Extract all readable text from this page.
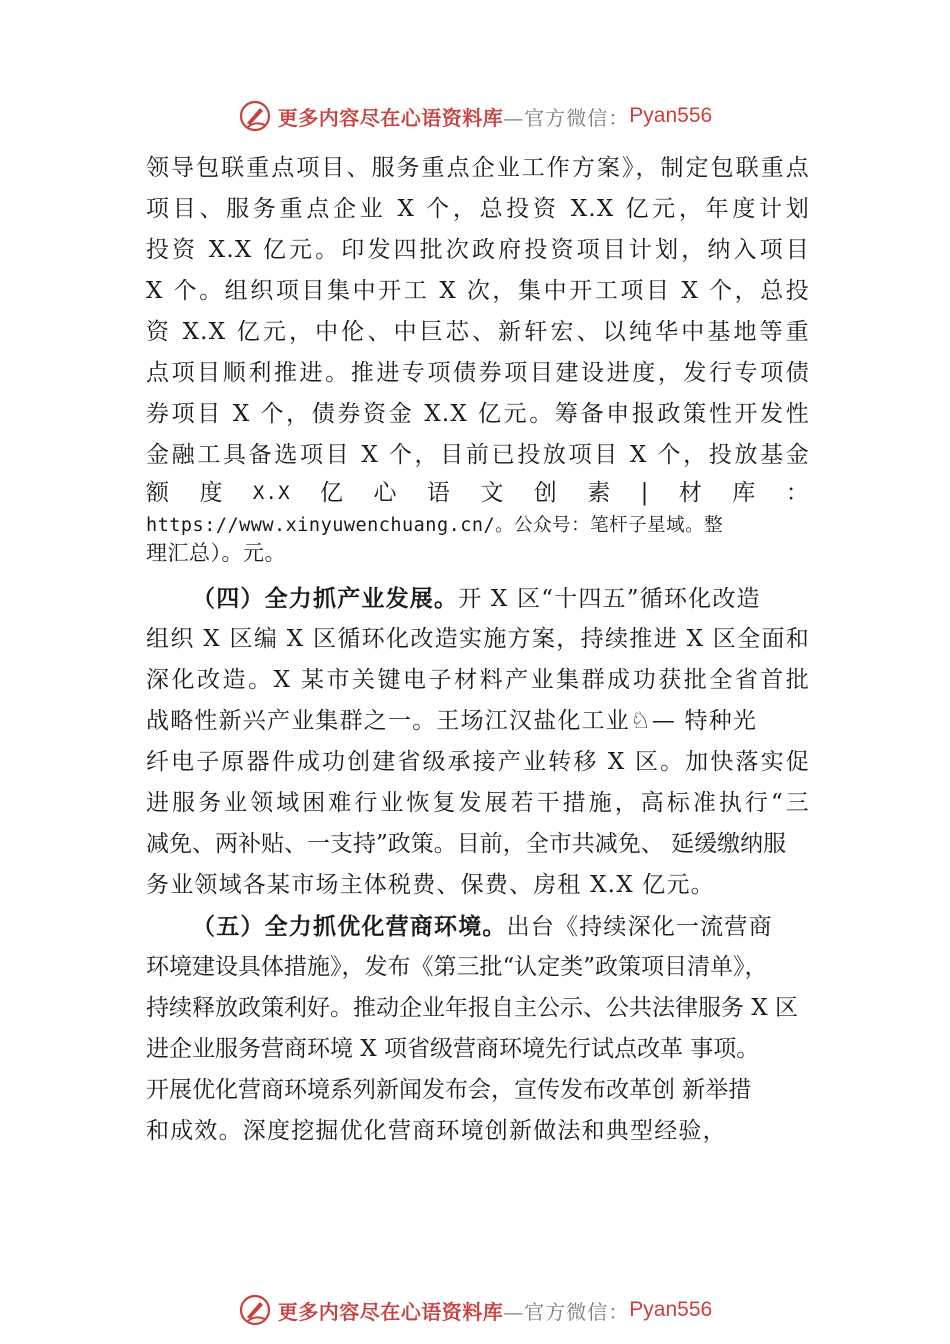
更多内容尽在心语资料库 —官方微信： Pyan556
领导包联重点项目、服务重点企业工作方案》，制定包联重点
项目、服务重点企业 X 个，总投资 X.X 亿元，年度计划
投资 X.X 亿元。印发四批次政府投资项目计划，纳入项目
X 个。组织项目集中开工 X 次，集中开工项目 X 个，总投
资 X.X 亿元，中伦、中巨芯、新轩宏、以纯华中基地等重
点项目顺利推进。推进专项债券项目建设进度，发行专项债
券项目 X 个，债券资金 X.X 亿元。筹备申报政策性开发性
金融工具备选项目 X 个，目前已投放项目 X 个，投放基金
额 度 X.X 亿 心 语 文 创 素 | 材 库 ：
https://www.xinyuwenchuang.cn/。公众号：笔杆子星域。整
理汇总）。元。
（四）全力抓产业发展。开 X 区“十四五”循环化改造
组织 X 区编 X 区循环化改造实施方案，持续推进 X 区全面和
深化改造。X 某市关键电子材料产业集群成功获批全省首批
战略性新兴产业集群之一。王场江汉盐化工业♘— 特种光
纤电子原器件成功创建省级承接产业转移 X 区。加快落实促
进服务业领域困难行业恢复发展若干措施，高标准执行“三
减免、两补贴、一支持”政策。目前，全市共减免、 延缓缴纳服
务业领域各某市场主体税费、保费、房租 X.X 亿元。
（五）全力抓优化营商环境。出台《持续深化一流营商
环境建设具体措施》，发布《第三批“认定类”政策项目清单》，
持续释放政策利好。推动企业年报自主公示、公共法律服务 X 区
进企业服务营商环境 X 项省级营商环境先行试点改革 事项。
开展优化营商环境系列新闻发布会，宣传发布改革创 新举措
和成效。深度挖掘优化营商环境创新做法和典型经验，
更多内容尽在心语资料库 —官方微信： Pyan556
